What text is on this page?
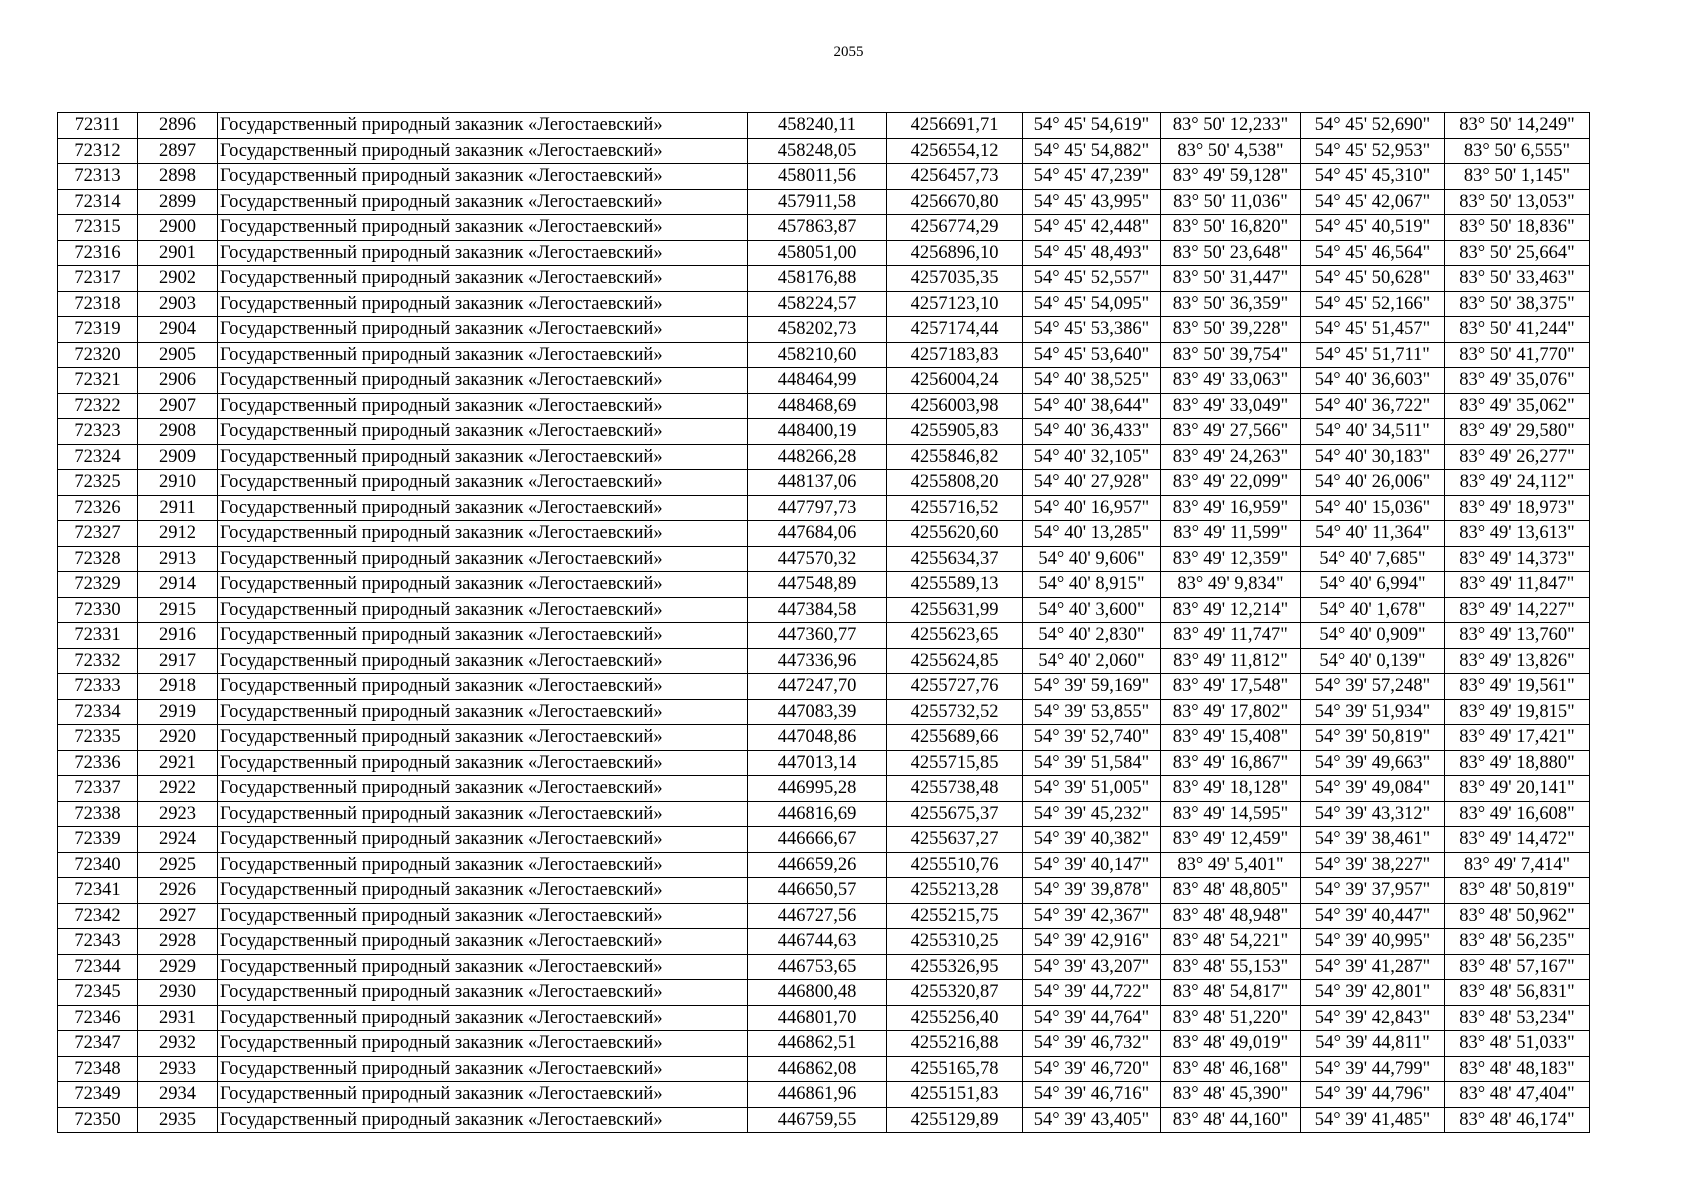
2055
72311	2896	Государственный природный заказник «Легостаевский»	458240,11	4256691,71	54° 45' 54,619"	83° 50' 12,233"	54° 45' 52,690"	83° 50' 14,249"
72312	2897	Государственный природный заказник «Легостаевский»	458248,05	4256554,12	54° 45' 54,882"	83° 50' 4,538"	54° 45' 52,953"	83° 50' 6,555"
72313	2898	Государственный природный заказник «Легостаевский»	458011,56	4256457,73	54° 45' 47,239"	83° 49' 59,128"	54° 45' 45,310"	83° 50' 1,145"
72314	2899	Государственный природный заказник «Легостаевский»	457911,58	4256670,80	54° 45' 43,995"	83° 50' 11,036"	54° 45' 42,067"	83° 50' 13,053"
72315	2900	Государственный природный заказник «Легостаевский»	457863,87	4256774,29	54° 45' 42,448"	83° 50' 16,820"	54° 45' 40,519"	83° 50' 18,836"
72316	2901	Государственный природный заказник «Легостаевский»	458051,00	4256896,10	54° 45' 48,493"	83° 50' 23,648"	54° 45' 46,564"	83° 50' 25,664"
72317	2902	Государственный природный заказник «Легостаевский»	458176,88	4257035,35	54° 45' 52,557"	83° 50' 31,447"	54° 45' 50,628"	83° 50' 33,463"
72318	2903	Государственный природный заказник «Легостаевский»	458224,57	4257123,10	54° 45' 54,095"	83° 50' 36,359"	54° 45' 52,166"	83° 50' 38,375"
72319	2904	Государственный природный заказник «Легостаевский»	458202,73	4257174,44	54° 45' 53,386"	83° 50' 39,228"	54° 45' 51,457"	83° 50' 41,244"
72320	2905	Государственный природный заказник «Легостаевский»	458210,60	4257183,83	54° 45' 53,640"	83° 50' 39,754"	54° 45' 51,711"	83° 50' 41,770"
72321	2906	Государственный природный заказник «Легостаевский»	448464,99	4256004,24	54° 40' 38,525"	83° 49' 33,063"	54° 40' 36,603"	83° 49' 35,076"
72322	2907	Государственный природный заказник «Легостаевский»	448468,69	4256003,98	54° 40' 38,644"	83° 49' 33,049"	54° 40' 36,722"	83° 49' 35,062"
72323	2908	Государственный природный заказник «Легостаевский»	448400,19	4255905,83	54° 40' 36,433"	83° 49' 27,566"	54° 40' 34,511"	83° 49' 29,580"
72324	2909	Государственный природный заказник «Легостаевский»	448266,28	4255846,82	54° 40' 32,105"	83° 49' 24,263"	54° 40' 30,183"	83° 49' 26,277"
72325	2910	Государственный природный заказник «Легостаевский»	448137,06	4255808,20	54° 40' 27,928"	83° 49' 22,099"	54° 40' 26,006"	83° 49' 24,112"
72326	2911	Государственный природный заказник «Легостаевский»	447797,73	4255716,52	54° 40' 16,957"	83° 49' 16,959"	54° 40' 15,036"	83° 49' 18,973"
72327	2912	Государственный природный заказник «Легостаевский»	447684,06	4255620,60	54° 40' 13,285"	83° 49' 11,599"	54° 40' 11,364"	83° 49' 13,613"
72328	2913	Государственный природный заказник «Легостаевский»	447570,32	4255634,37	54° 40' 9,606"	83° 49' 12,359"	54° 40' 7,685"	83° 49' 14,373"
72329	2914	Государственный природный заказник «Легостаевский»	447548,89	4255589,13	54° 40' 8,915"	83° 49' 9,834"	54° 40' 6,994"	83° 49' 11,847"
72330	2915	Государственный природный заказник «Легостаевский»	447384,58	4255631,99	54° 40' 3,600"	83° 49' 12,214"	54° 40' 1,678"	83° 49' 14,227"
72331	2916	Государственный природный заказник «Легостаевский»	447360,77	4255623,65	54° 40' 2,830"	83° 49' 11,747"	54° 40' 0,909"	83° 49' 13,760"
72332	2917	Государственный природный заказник «Легостаевский»	447336,96	4255624,85	54° 40' 2,060"	83° 49' 11,812"	54° 40' 0,139"	83° 49' 13,826"
72333	2918	Государственный природный заказник «Легостаевский»	447247,70	4255727,76	54° 39' 59,169"	83° 49' 17,548"	54° 39' 57,248"	83° 49' 19,561"
72334	2919	Государственный природный заказник «Легостаевский»	447083,39	4255732,52	54° 39' 53,855"	83° 49' 17,802"	54° 39' 51,934"	83° 49' 19,815"
72335	2920	Государственный природный заказник «Легостаевский»	447048,86	4255689,66	54° 39' 52,740"	83° 49' 15,408"	54° 39' 50,819"	83° 49' 17,421"
72336	2921	Государственный природный заказник «Легостаевский»	447013,14	4255715,85	54° 39' 51,584"	83° 49' 16,867"	54° 39' 49,663"	83° 49' 18,880"
72337	2922	Государственный природный заказник «Легостаевский»	446995,28	4255738,48	54° 39' 51,005"	83° 49' 18,128"	54° 39' 49,084"	83° 49' 20,141"
72338	2923	Государственный природный заказник «Легостаевский»	446816,69	4255675,37	54° 39' 45,232"	83° 49' 14,595"	54° 39' 43,312"	83° 49' 16,608"
72339	2924	Государственный природный заказник «Легостаевский»	446666,67	4255637,27	54° 39' 40,382"	83° 49' 12,459"	54° 39' 38,461"	83° 49' 14,472"
72340	2925	Государственный природный заказник «Легостаевский»	446659,26	4255510,76	54° 39' 40,147"	83° 49' 5,401"	54° 39' 38,227"	83° 49' 7,414"
72341	2926	Государственный природный заказник «Легостаевский»	446650,57	4255213,28	54° 39' 39,878"	83° 48' 48,805"	54° 39' 37,957"	83° 48' 50,819"
72342	2927	Государственный природный заказник «Легостаевский»	446727,56	4255215,75	54° 39' 42,367"	83° 48' 48,948"	54° 39' 40,447"	83° 48' 50,962"
72343	2928	Государственный природный заказник «Легостаевский»	446744,63	4255310,25	54° 39' 42,916"	83° 48' 54,221"	54° 39' 40,995"	83° 48' 56,235"
72344	2929	Государственный природный заказник «Легостаевский»	446753,65	4255326,95	54° 39' 43,207"	83° 48' 55,153"	54° 39' 41,287"	83° 48' 57,167"
72345	2930	Государственный природный заказник «Легостаевский»	446800,48	4255320,87	54° 39' 44,722"	83° 48' 54,817"	54° 39' 42,801"	83° 48' 56,831"
72346	2931	Государственный природный заказник «Легостаевский»	446801,70	4255256,40	54° 39' 44,764"	83° 48' 51,220"	54° 39' 42,843"	83° 48' 53,234"
72347	2932	Государственный природный заказник «Легостаевский»	446862,51	4255216,88	54° 39' 46,732"	83° 48' 49,019"	54° 39' 44,811"	83° 48' 51,033"
72348	2933	Государственный природный заказник «Легостаевский»	446862,08	4255165,78	54° 39' 46,720"	83° 48' 46,168"	54° 39' 44,799"	83° 48' 48,183"
72349	2934	Государственный природный заказник «Легостаевский»	446861,96	4255151,83	54° 39' 46,716"	83° 48' 45,390"	54° 39' 44,796"	83° 48' 47,404"
72350	2935	Государственный природный заказник «Легостаевский»	446759,55	4255129,89	54° 39' 43,405"	83° 48' 44,160"	54° 39' 41,485"	83° 48' 46,174"
